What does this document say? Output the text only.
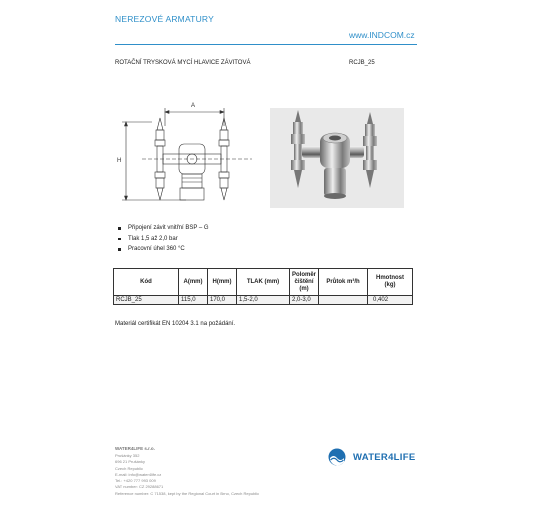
NEREZOVÉ ARMATURY
www.INDCOM.cz
ROTAČNÍ TRYSKOVÁ MYCÍ HLAVICE ZÁVITOVÁ	RCJB_25
A
H
Připojení závit vnitřní BSP – G
Tlak 1,5 až 2,0 bar
Pracovní úhel 360 °C
Kód	A(mm)	H(mm)	TLAK (mm)	Poloměr čištění (m)	Průtok m³/h	Hmotnost (kg)
RCJB_25	115,0	170,0	1,5-2,0	2,0-3,0		0,402
Materiál certifikát EN 10204 3.1 na požádání.
WATER4LIFE s.r.o.
Prušánky 352
696 21 Prušánky
Czech Republic
E-mail: info@water4life.cz
Tel.: +420 777 993 009
VAT number: CZ 29288671
Reference number: C 71538, kept by the Regional Court in Brno, Czech Republic
WATER4LIFE
